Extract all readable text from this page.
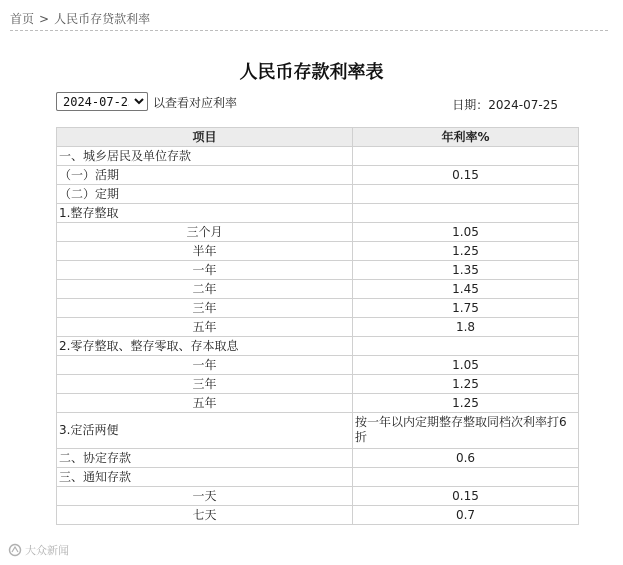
首页 > 人民币存贷款利率
人民币存款利率表
2024-07-25
以查看对应利率	日期：2024-07-25
项目	年利率%
一、城乡居民及单位存款	
（一）活期	0.15
（二）定期	
1.整存整取	
三个月	1.05
半年	1.25
一年	1.35
二年	1.45
三年	1.75
五年	1.8
2.零存整取、整存零取、存本取息	
一年	1.05
三年	1.25
五年	1.25
3.定活两便	按一年以内定期整存整取同档次利率打6折
二、协定存款	0.6
三、通知存款	
一天	0.15
七天	0.7
大众新闻
